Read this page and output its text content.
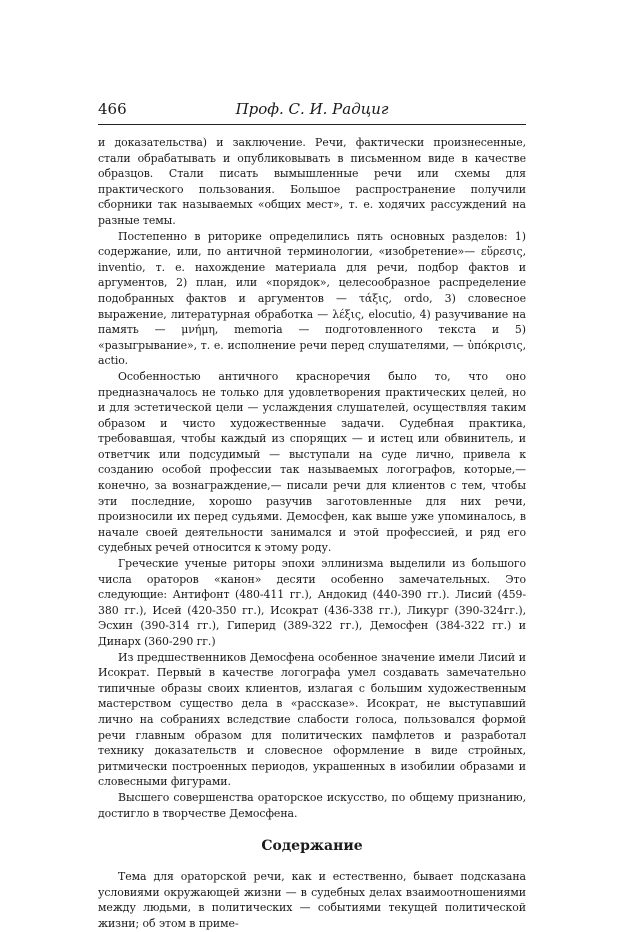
466	Проф. С. И. Радциг

и доказательства) и заключение. Речи, фактически произнесенные, стали обрабатывать и опубликовывать в письменном виде в качестве образцов. Стали писать вымышленные речи или схемы для практического пользования. Большое распространение получили сборники так называемых «общих мест», т. е. ходячих рассуждений на разные темы.

Постепенно в риторике определились пять основных разделов: 1) содержание, или, по античной терминологии, «изобретение»— εὕρεσις, inventio, т. е. нахождение материала для речи, подбор фактов и аргументов, 2) план, или «порядок», целесообразное распределение подобранных фактов и аргументов — τάξις, ordo, 3) словесное выражение, литературная обработка — λέξις, elocutio, 4) разучивание на память — μνήμη, memoria — подготовленного текста и 5) «разыгрывание», т. е. исполнение речи перед слушателями, — ὑπόκρισις, actio.

Особенностью античного красноречия было то, что оно предназначалось не только для удовлетворения практических целей, но и для эстетической цели — услаждения слушателей, осуществляя таким образом и чисто художественные задачи. Судебная практика, требовавшая, чтобы каждый из спорящих — и истец или обвинитель, и ответчик или подсудимый — выступали на суде лично, привела к созданию особой профессии так называемых логографов, которые,— конечно, за вознаграждение,— писали речи для клиентов с тем, чтобы эти последние, хорошо разучив заготовленные для них речи, произносили их перед судьями. Демосфен, как выше уже упоминалось, в начале своей деятельности занимался и этой профессией, и ряд его судебных речей относится к этому роду.

Греческие ученые риторы эпохи эллинизма выделили из большого числа ораторов «канон» десяти особенно замечательных. Это следующие: Антифонт (480-411 гг.), Андокид (440-390 гг.). Лисий (459-380 гг.), Исей (420-350 гг.), Исократ (436-338 гг.), Ликург (390-324гг.), Эсхин (390-314 гг.), Гиперид (389-322 гг.), Демосфен (384-322 гг.) и Динарх (360-290 гг.)

Из предшественников Демосфена особенное значение имели Лисий и Исократ. Первый в качестве логографа умел создавать замечательно типичные образы своих клиентов, излагая с большим художественным мастерством существо дела в «рассказе». Исократ, не выступавший лично на собраниях вследствие слабости голоса, пользовался формой речи главным образом для политических памфлетов и разработал технику доказательств и словесное оформление в виде стройных, ритмически построенных периодов, украшенных в изобилии образами и словесными фигурами.

Высшего совершенства ораторское искусство, по общему признанию, достигло в творчестве Демосфена.

Содержание

Тема для ораторской речи, как и естественно, бывает подсказана условиями окружающей жизни — в судебных делах взаимоотношениями между людьми, в политических — событиями текущей политической жизни; об этом в приме-
